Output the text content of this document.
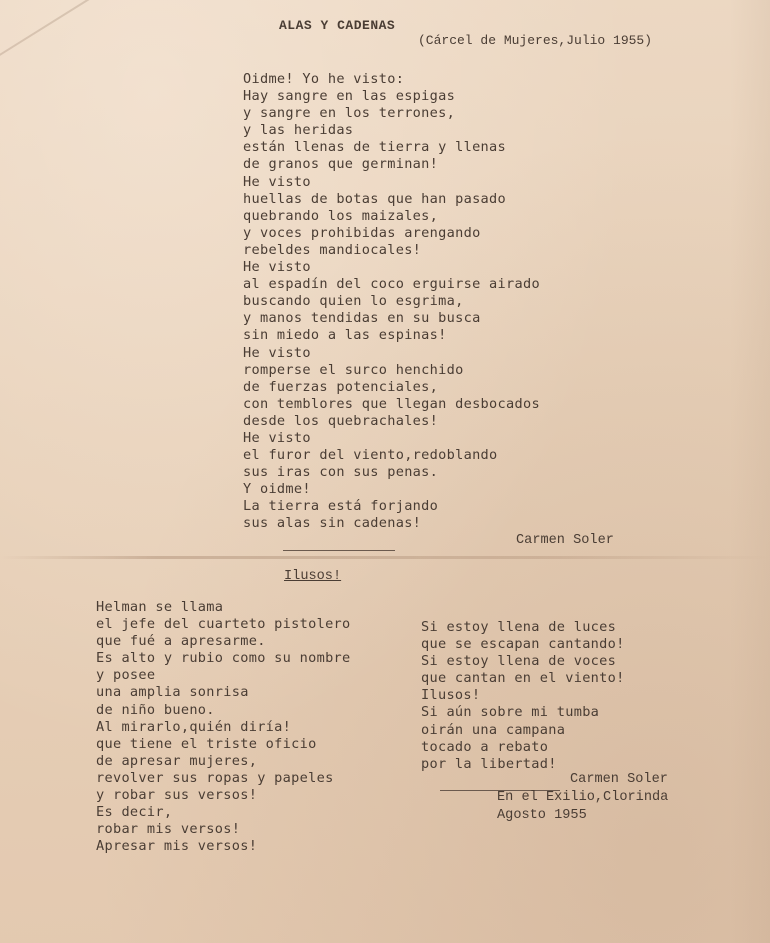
ALAS Y CADENAS
(Cárcel de Mujeres,Julio 1955)
Oidme! Yo he visto:
Hay sangre en las espigas
y sangre en los terrones,
y las heridas
están llenas de tierra y llenas
de granos que germinan!
He visto
huellas de botas que han pasado
quebrando los maizales,
y voces prohibidas arengando
rebeldes mandiocales!
He visto
al espadín del coco erguirse airado
buscando quien lo esgrima,
y manos tendidas en su busca
sin miedo a las espinas!
He visto
romperse el surco henchido
de fuerzas potenciales,
con temblores que llegan desbocados
desde los quebrachales!
He visto
el furor del viento,redoblando
sus iras con sus penas.
Y oidme!
La tierra está forjando
sus alas sin cadenas!
Carmen Soler
Ilusos!
Helman se llama
el jefe del cuarteto pistolero
que fué a apresarme.
Es alto y rubio como su nombre
y posee
una amplia sonrisa
de niño bueno.
Al mirarlo,quién diría!
que tiene el triste oficio
de apresar mujeres,
revolver sus ropas y papeles
y robar sus versos!
Es decir,
robar mis versos!
Apresar mis versos!
Si estoy llena de luces
que se escapan cantando!
Si estoy llena de voces
que cantan en el viento!
Ilusos!
Si aún sobre mi tumba
oirán una campana
tocado a rebato
por la libertad!
Carmen Soler
En el Exilio,Clorinda
Agosto 1955
